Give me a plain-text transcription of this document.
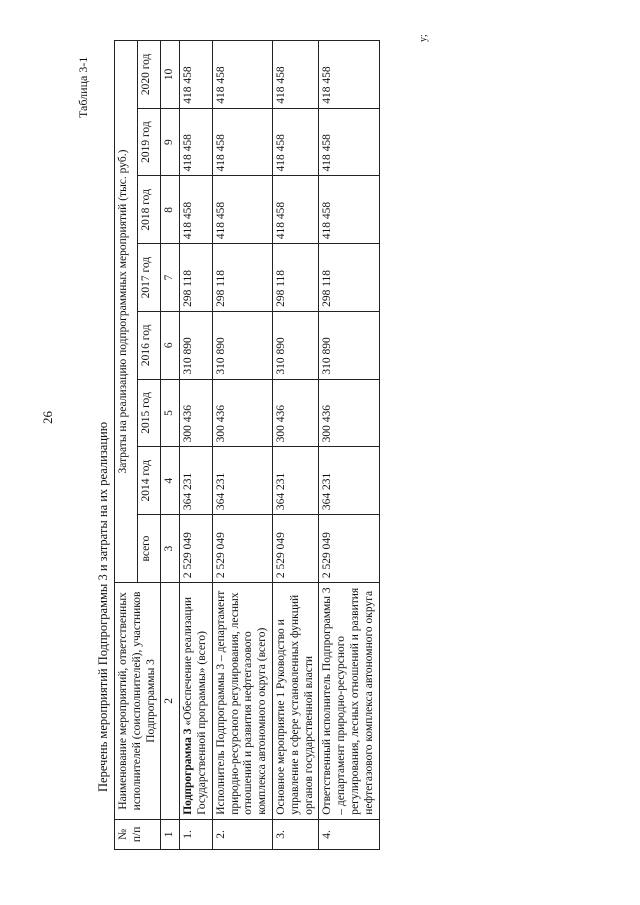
26
Перечень мероприятий Подпрограммы 3 и затраты на их реализацию
Таблица 3-1
у;
№ п/п	Наименование мероприятий, ответственных исполнителей (соисполнителей), участников Подпрограммы 3	Затраты на реализацию подпрограммных мероприятий (тыс. руб.)							
		всего	2014 год	2015 год	2016 год	2017 год	2018 год	2019 год	2020 год
1	2	3	4	5	6	7	8	9	10
1.	Подпрограмма 3 «Обеспечение реализации Государственной программы» (всего)	2 529 049	364 231	300 436	310 890	298 118	418 458	418 458	418 458
2.	Исполнитель Подпрограммы 3 – департамент природно-ресурсного регулирования, лесных отношений и развития нефтегазового комплекса автономного округа (всего)	2 529 049	364 231	300 436	310 890	298 118	418 458	418 458	418 458
3.	Основное мероприятие 1 Руководство и управление в сфере установленных функций органов государственной власти	2 529 049	364 231	300 436	310 890	298 118	418 458	418 458	418 458
4.	Ответственный исполнитель Подпрограммы 3 – департамент природно-ресурсного регулирования, лесных отношений и развития нефтегазового комплекса автономного округа	2 529 049	364 231	300 436	310 890	298 118	418 458	418 458	418 458
